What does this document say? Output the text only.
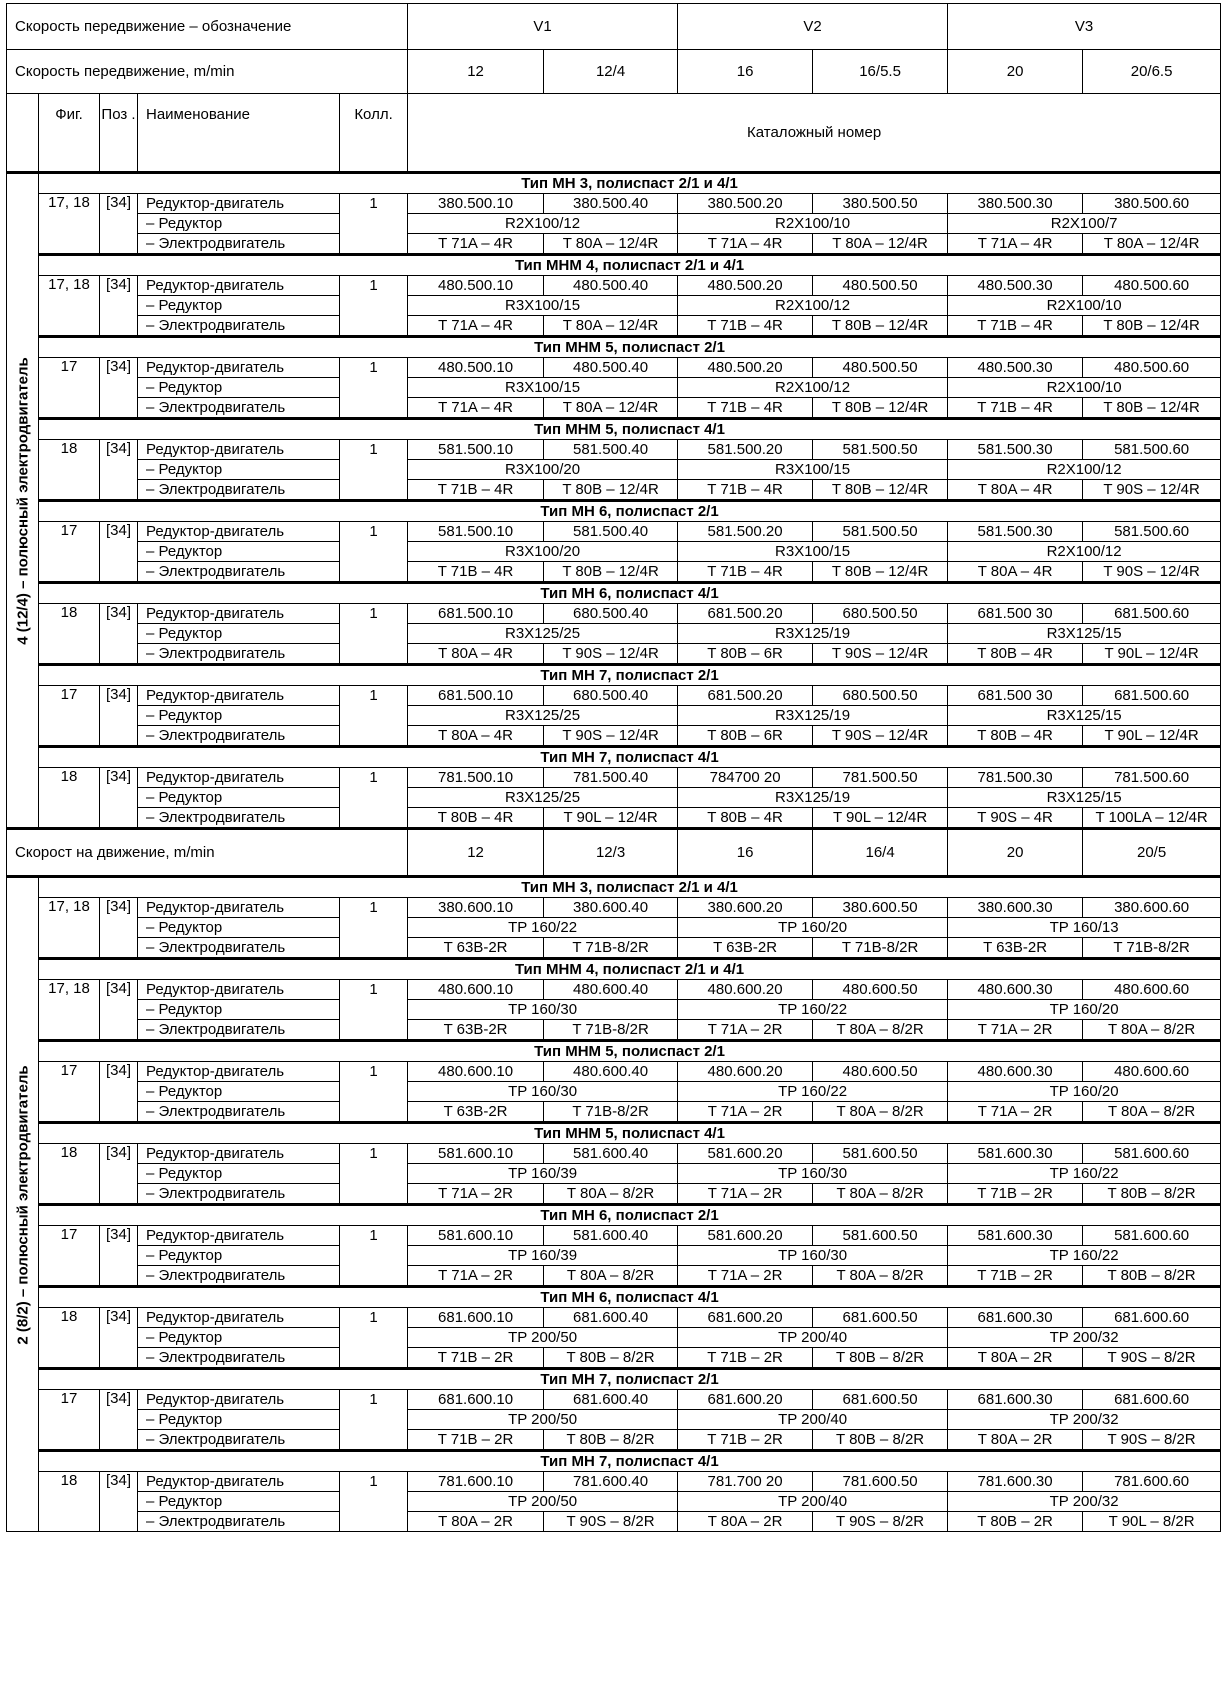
Скорость передвижение – обозначение					V1		V2		V3	
Скорость передвижение, m/min					12	12/4	16	16/5.5	20	20/6.5
	Фиг.	Поз .	Наименование	Колл.	Каталожный номер					

4 (12/4) – полюсный электродвигатель	Тип МН 3, полиспаст 2/1 и 4/1									
	17, 18	[34]	Редуктор-двигатель	1	380.500.10	380.500.40	380.500.20	380.500.50	380.500.30	380.500.60
			– Редуктор		R2X100/12		R2X100/10		R2X100/7	
			– Электродвигатель		T 71A – 4R	T 80A – 12/4R	T 71A – 4R	T 80A – 12/4R	T 71A – 4R	T 80A – 12/4R
	Тип МНМ 4, полиспаст 2/1 и 4/1									
	17, 18	[34]	Редуктор-двигатель	1	480.500.10	480.500.40	480.500.20	480.500.50	480.500.30	480.500.60
			– Редуктор		R3X100/15		R2X100/12		R2X100/10	
			– Электродвигатель		T 71A – 4R	T 80A – 12/4R	T 71B – 4R	T 80B – 12/4R	T 71B – 4R	T 80B – 12/4R
	Тип МНМ 5, полиспаст 2/1									
	17	[34]	Редуктор-двигатель	1	480.500.10	480.500.40	480.500.20	480.500.50	480.500.30	480.500.60
			– Редуктор		R3X100/15		R2X100/12		R2X100/10	
			– Электродвигатель		T 71A – 4R	T 80A – 12/4R	T 71B – 4R	T 80B – 12/4R	T 71B – 4R	T 80B – 12/4R
	Тип МНМ 5, полиспаст 4/1									
	18	[34]	Редуктор-двигатель	1	581.500.10	581.500.40	581.500.20	581.500.50	581.500.30	581.500.60
			– Редуктор		R3X100/20		R3X100/15		R2X100/12	
			– Электродвигатель		T 71B – 4R	T 80B – 12/4R	T 71B – 4R	T 80B – 12/4R	T 80A – 4R	T 90S – 12/4R
	Тип МН 6, полиспаст 2/1									
	17	[34]	Редуктор-двигатель	1	581.500.10	581.500.40	581.500.20	581.500.50	581.500.30	581.500.60
			– Редуктор		R3X100/20		R3X100/15		R2X100/12	
			– Электродвигатель		T 71B – 4R	T 80B – 12/4R	T 71B – 4R	T 80B – 12/4R	T 80A – 4R	T 90S – 12/4R
	Тип МН 6, полиспаст 4/1									
	18	[34]	Редуктор-двигатель	1	681.500.10	680.500.40	681.500.20	680.500.50	681.500 30	681.500.60
			– Редуктор		R3X125/25		R3X125/19		R3X125/15	
			– Электродвигатель		T 80A – 4R	T 90S – 12/4R	T 80B – 6R	T 90S – 12/4R	T 80B – 4R	T 90L – 12/4R
	Тип МН 7, полиспаст 2/1									
	17	[34]	Редуктор-двигатель	1	681.500.10	680.500.40	681.500.20	680.500.50	681.500 30	681.500.60
			– Редуктор		R3X125/25		R3X125/19		R3X125/15	
			– Электродвигатель		T 80A – 4R	T 90S – 12/4R	T 80B – 6R	T 90S – 12/4R	T 80B – 4R	T 90L – 12/4R
	Тип МН 7, полиспаст 4/1									
	18	[34]	Редуктор-двигатель	1	781.500.10	781.500.40	784700 20	781.500.50	781.500.30	781.500.60
			– Редуктор		R3X125/25		R3X125/19		R3X125/15	
			– Электродвигатель		T 80B – 4R	T 90L – 12/4R	T 80B – 4R	T 90L – 12/4R	T 90S – 4R	T 100LA – 12/4R
Скорост на движение, m/min					12	12/3	16	16/4	20	20/5

2 (8/2) – полюсный электродвигатель	Тип МН 3, полиспаст 2/1 и 4/1									
	17, 18	[34]	Редуктор-двигатель	1	380.600.10	380.600.40	380.600.20	380.600.50	380.600.30	380.600.60
			– Редуктор		TP 160/22		TP 160/20		TP 160/13	
			– Электродвигатель		T 63B-2R	T 71B-8/2R	T 63B-2R	T 71B-8/2R	T 63B-2R	T 71B-8/2R
	Тип МНМ 4, полиспаст 2/1 и 4/1									
	17, 18	[34]	Редуктор-двигатель	1	480.600.10	480.600.40	480.600.20	480.600.50	480.600.30	480.600.60
			– Редуктор		TP 160/30		TP 160/22		TP 160/20	
			– Электродвигатель		T 63B-2R	T 71B-8/2R	T 71A – 2R	T 80A – 8/2R	T 71A – 2R	T 80A – 8/2R
	Тип МНМ 5, полиспаст 2/1									
	17	[34]	Редуктор-двигатель	1	480.600.10	480.600.40	480.600.20	480.600.50	480.600.30	480.600.60
			– Редуктор		TP 160/30		TP 160/22		TP 160/20	
			– Электродвигатель		T 63B-2R	T 71B-8/2R	T 71A – 2R	T 80A – 8/2R	T 71A – 2R	T 80A – 8/2R
	Тип МНМ 5, полиспаст 4/1									
	18	[34]	Редуктор-двигатель	1	581.600.10	581.600.40	581.600.20	581.600.50	581.600.30	581.600.60
			– Редуктор		TP 160/39		TP 160/30		TP 160/22	
			– Электродвигатель		T 71A – 2R	T 80A – 8/2R	T 71A – 2R	T 80A – 8/2R	T 71B – 2R	T 80B – 8/2R
	Тип МН 6, полиспаст 2/1									
	17	[34]	Редуктор-двигатель	1	581.600.10	581.600.40	581.600.20	581.600.50	581.600.30	581.600.60
			– Редуктор		TP 160/39		TP 160/30		TP 160/22	
			– Электродвигатель		T 71A – 2R	T 80A – 8/2R	T 71A – 2R	T 80A – 8/2R	T 71B – 2R	T 80B – 8/2R
	Тип МН 6, полиспаст 4/1									
	18	[34]	Редуктор-двигатель	1	681.600.10	681.600.40	681.600.20	681.600.50	681.600.30	681.600.60
			– Редуктор		TP 200/50		TP 200/40		TP 200/32	
			– Электродвигатель		T 71B – 2R	T 80B – 8/2R	T 71B – 2R	T 80B – 8/2R	T 80A – 2R	T 90S – 8/2R
	Тип МН 7, полиспаст 2/1									
	17	[34]	Редуктор-двигатель	1	681.600.10	681.600.40	681.600.20	681.600.50	681.600.30	681.600.60
			– Редуктор		TP 200/50		TP 200/40		TP 200/32	
			– Электродвигатель		T 71B – 2R	T 80B – 8/2R	T 71B – 2R	T 80B – 8/2R	T 80A – 2R	T 90S – 8/2R
	Тип МН 7, полиспаст 4/1									
	18	[34]	Редуктор-двигатель	1	781.600.10	781.600.40	781.700 20	781.600.50	781.600.30	781.600.60
			– Редуктор		TP 200/50		TP 200/40		TP 200/32	
			– Электродвигатель		T 80A – 2R	T 90S – 8/2R	T 80A – 2R	T 90S – 8/2R	T 80B – 2R	T 90L – 8/2R
